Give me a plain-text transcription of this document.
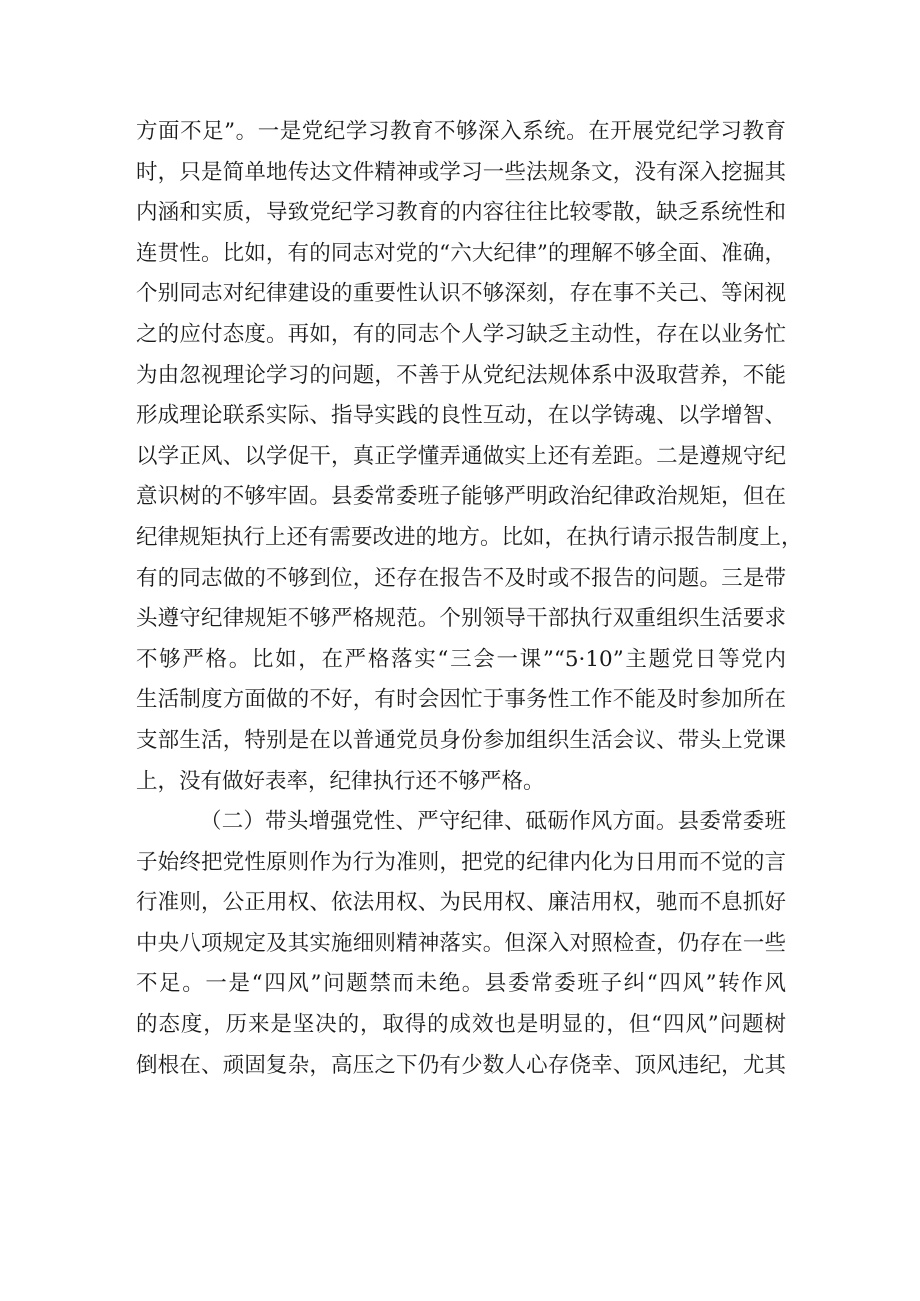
方面不足”。一是党纪学习教育不够深入系统。在开展党纪学习教育
时，只是简单地传达文件精神或学习一些法规条文，没有深入挖掘其
内涵和实质，导致党纪学习教育的内容往往比较零散，缺乏系统性和
连贯性。比如，有的同志对党的“六大纪律”的理解不够全面、准确，
个别同志对纪律建设的重要性认识不够深刻，存在事不关己、等闲视
之的应付态度。再如，有的同志个人学习缺乏主动性，存在以业务忙
为由忽视理论学习的问题，不善于从党纪法规体系中汲取营养，不能
形成理论联系实际、指导实践的良性互动，在以学铸魂、以学增智、
以学正风、以学促干，真正学懂弄通做实上还有差距。二是遵规守纪
意识树的不够牢固。县委常委班子能够严明政治纪律政治规矩，但在
纪律规矩执行上还有需要改进的地方。比如，在执行请示报告制度上，
有的同志做的不够到位，还存在报告不及时或不报告的问题。三是带
头遵守纪律规矩不够严格规范。个别领导干部执行双重组织生活要求
不够严格。比如，在严格落实“三会一课”“5·10”主题党日等党内
生活制度方面做的不好，有时会因忙于事务性工作不能及时参加所在
支部生活，特别是在以普通党员身份参加组织生活会议、带头上党课
上，没有做好表率，纪律执行还不够严格。
（二）带头增强党性、严守纪律、砥砺作风方面。县委常委班
子始终把党性原则作为行为准则，把党的纪律内化为日用而不觉的言
行准则，公正用权、依法用权、为民用权、廉洁用权，驰而不息抓好
中央八项规定及其实施细则精神落实。但深入对照检查，仍存在一些
不足。一是“四风”问题禁而未绝。县委常委班子纠“四风”转作风
的态度，历来是坚决的，取得的成效也是明显的，但“四风”问题树
倒根在、顽固复杂，高压之下仍有少数人心存侥幸、顶风违纪，尤其
